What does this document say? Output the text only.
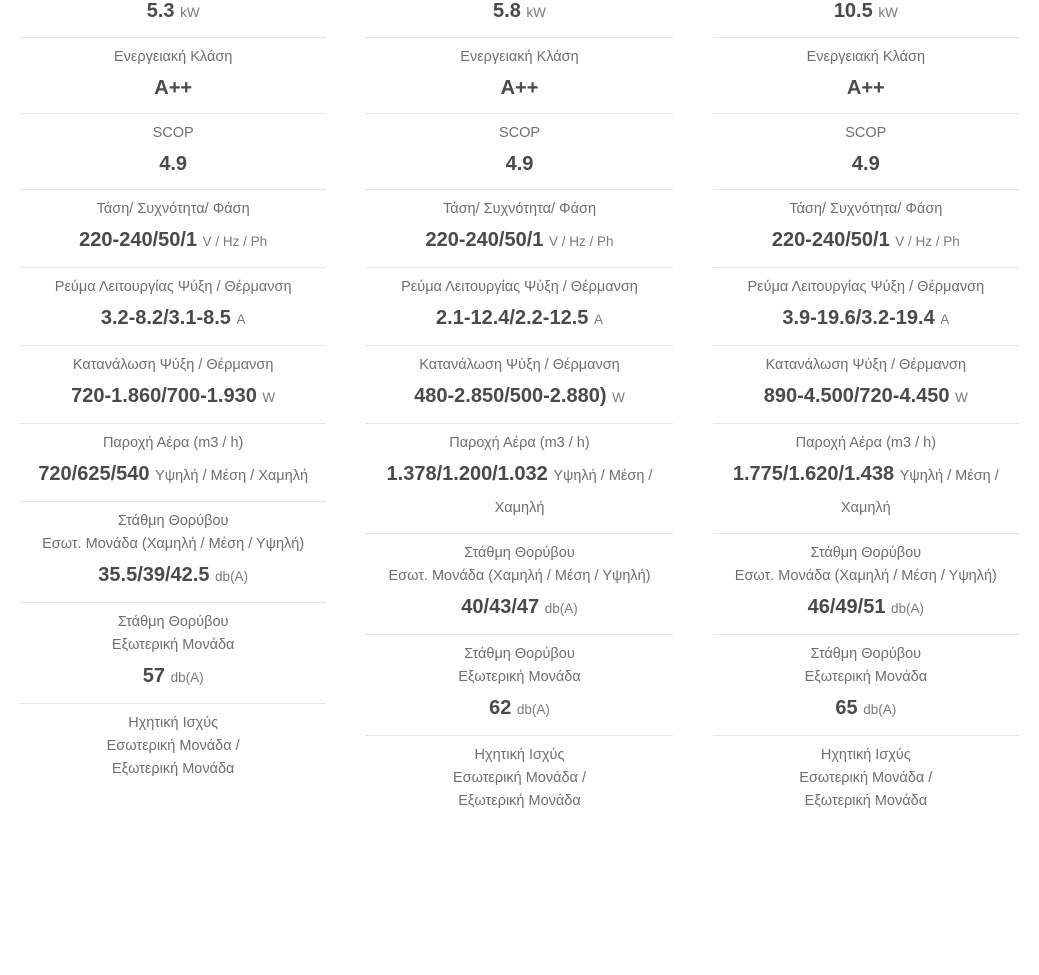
5.3 kW
Ενεργειακή Κλάση
A++
SCOP
4.9
Τάση/ Συχνότητα/ Φάση
220-240/50/1 V / Hz / Ph
Ρεύμα Λειτουργίας Ψύξη / Θέρμανση
3.2-8.2/3.1-8.5 A
Κατανάλωση Ψύξη / Θέρμανση
720-1.860/700-1.930 W
Παροχή Αέρα (m3 / h)
720/625/540 Υψηλή / Μέση / Χαμηλή
Στάθμη Θορύβου
Εσωτ. Μονάδα (Χαμηλή / Μέση / Υψηλή)
35.5/39/42.5 db(A)
Στάθμη Θορύβου
Εξωτερική Μονάδα
57 db(A)
Ηχητική Ισχύς
Εσωτερική Μονάδα /
Εξωτερική Μονάδα
5.8 kW
Ενεργειακή Κλάση
A++
SCOP
4.9
Τάση/ Συχνότητα/ Φάση
220-240/50/1 V / Hz / Ph
Ρεύμα Λειτουργίας Ψύξη / Θέρμανση
2.1-12.4/2.2-12.5 A
Κατανάλωση Ψύξη / Θέρμανση
480-2.850/500-2.880) W
Παροχή Αέρα (m3 / h)
1.378/1.200/1.032 Υψηλή / Μέση / Χαμηλή
Στάθμη Θορύβου
Εσωτ. Μονάδα (Χαμηλή / Μέση / Υψηλή)
40/43/47 db(A)
Στάθμη Θορύβου
Εξωτερική Μονάδα
62 db(A)
Ηχητική Ισχύς
Εσωτερική Μονάδα /
Εξωτερική Μονάδα
10.5 kW
Ενεργειακή Κλάση
A++
SCOP
4.9
Τάση/ Συχνότητα/ Φάση
220-240/50/1 V / Hz / Ph
Ρεύμα Λειτουργίας Ψύξη / Θέρμανση
3.9-19.6/3.2-19.4 A
Κατανάλωση Ψύξη / Θέρμανση
890-4.500/720-4.450 W
Παροχή Αέρα (m3 / h)
1.775/1.620/1.438 Υψηλή / Μέση / Χαμηλή
Στάθμη Θορύβου
Εσωτ. Μονάδα (Χαμηλή / Μέση / Υψηλή)
46/49/51 db(A)
Στάθμη Θορύβου
Εξωτερική Μονάδα
65 db(A)
Ηχητική Ισχύς
Εσωτερική Μονάδα /
Εξωτερική Μονάδα
